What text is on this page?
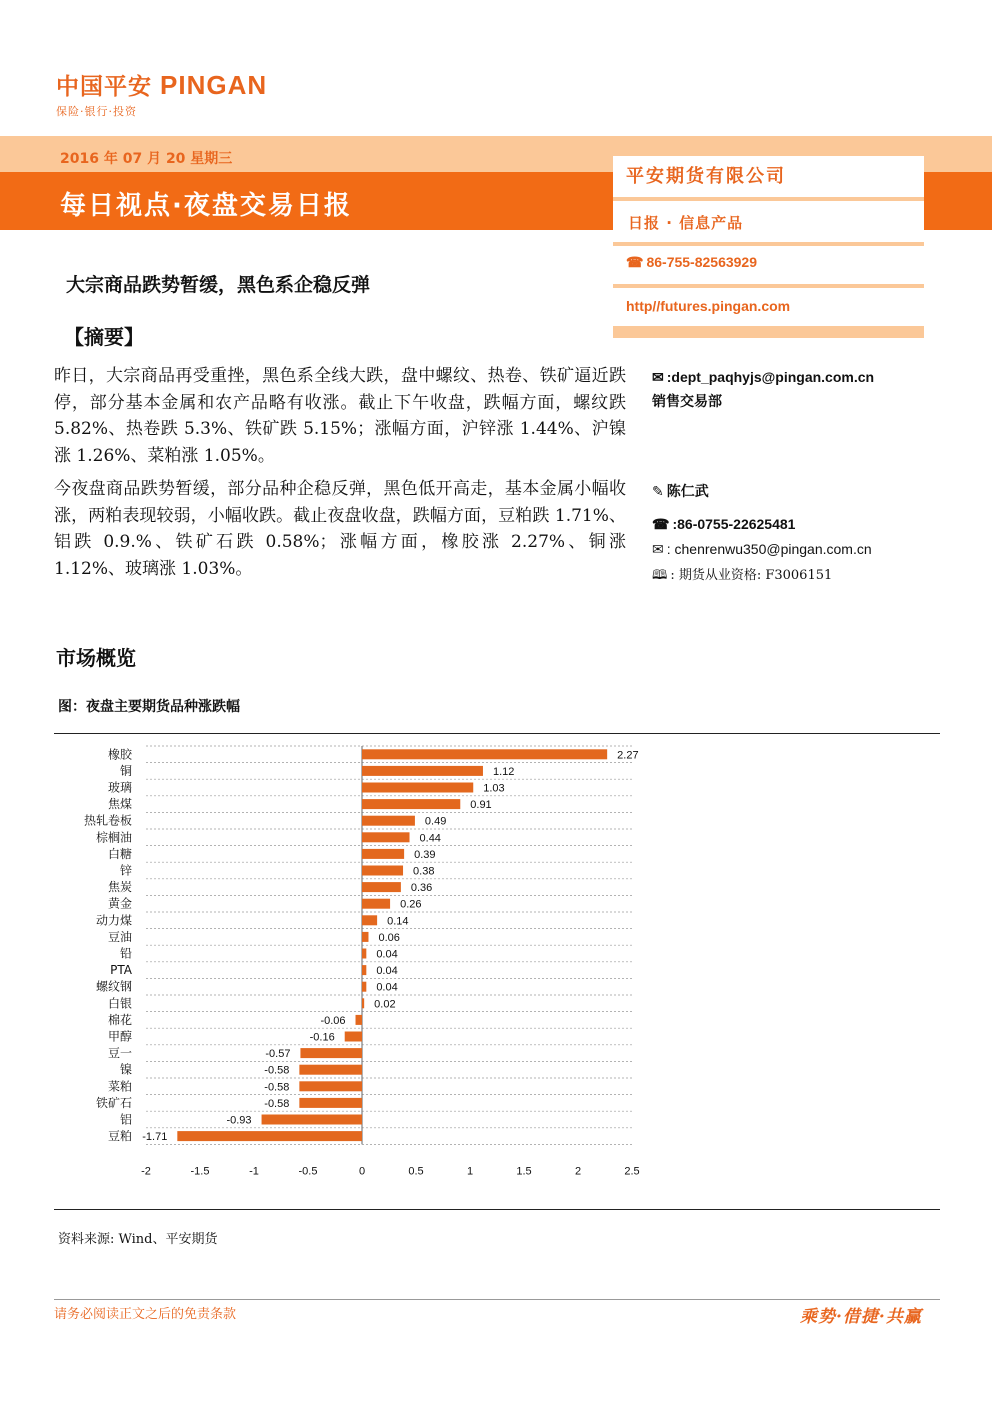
中国平安 PINGAN
保险·银行·投资
2016 年 07 月 20 星期三
每日视点·夜盘交易日报
平安期货有限公司
日报 · 信息产品
☎ 86-755-82563929
http//futures.pingan.com
大宗商品跌势暂缓，黑色系企稳反弹
【摘要】
昨日，大宗商品再受重挫，黑色系全线大跌，盘中螺纹、热卷、铁矿逼近跌停，部分基本金属和农产品略有收涨。截止下午收盘，跌幅方面，螺纹跌 5.82%、热卷跌 5.3%、铁矿跌 5.15%；涨幅方面，沪锌涨 1.44%、沪镍涨 1.26%、菜粕涨 1.05%。
今夜盘商品跌势暂缓，部分品种企稳反弹，黑色低开高走，基本金属小幅收涨，两粕表现较弱，小幅收跌。截止夜盘收盘，跌幅方面，豆粕跌 1.71%、铝跌 0.9.%、铁矿石跌 0.58%；涨幅方面，橡胶涨 2.27%、铜涨 1.12%、玻璃涨 1.03%。
✉ :dept_paqhyjs@pingan.com.cn
销售交易部
✎ 陈仁武
☎ :86-0755-22625481
✉ : chenrenwu350@pingan.com.cn
🕮 : 期货从业资格: F3006151
市场概览
图：夜盘主要期货品种涨跌幅
橡胶	2.27
铜	1.12
玻璃	1.03
焦煤	0.91
热轧卷板	0.49
棕榈油	0.44
白糖	0.39
锌	0.38
焦炭	0.36
黄金	0.26
动力煤	0.14
豆油	0.06
铅	0.04
PTA	0.04
螺纹钢	0.04
白银	0.02
棉花	-0.06
甲醇	-0.16
豆一	-0.57
镍	-0.58
菜粕	-0.58
铁矿石	-0.58
铝	-0.93
豆粕 -1.71
-2	-1.5	-1	-0.5	0	0.5	1	1.5	2	2.5
资料来源: Wind、平安期货
请务必阅读正文之后的免责条款	乘势·借捷·共赢
